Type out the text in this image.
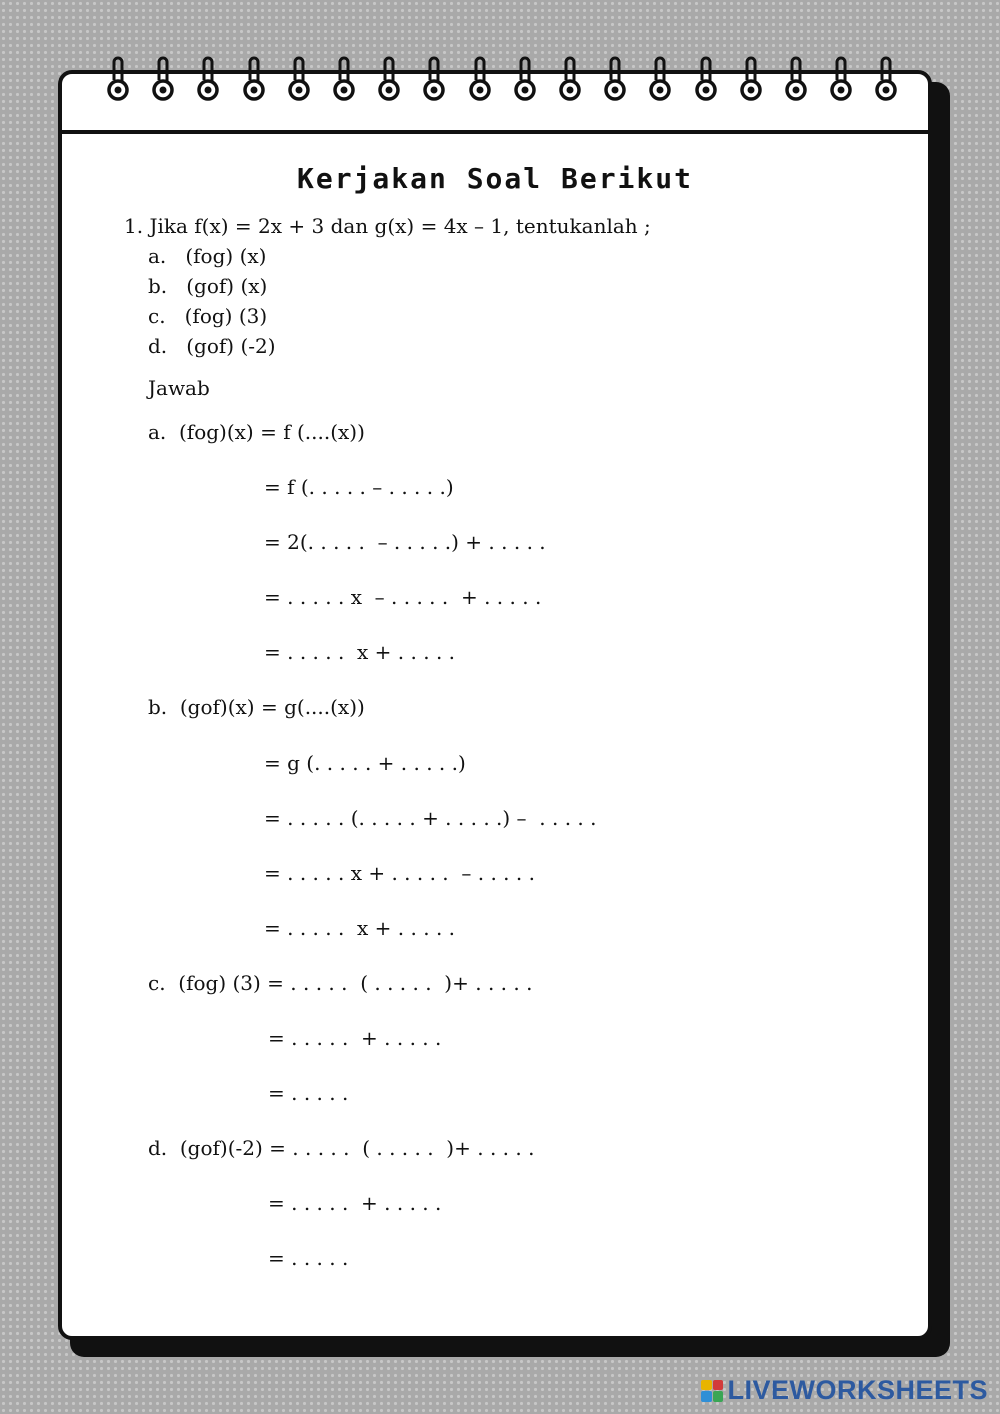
Kerjakan Soal Berikut
1. Jika f(x) = 2x + 3 dan g(x) = 4x – 1, tentukanlah ;
a.   (fog) (x)
b.   (gof) (x)
c.   (fog) (3)
d.   (gof) (-2)
Jawab
a.  (fog)(x) = f (....(x))
= f (. . . . . – . . . . .)
= 2(. . . . .  – . . . . .) + . . . . .
= . . . . . x  – . . . . .  + . . . . .
= . . . . .  x + . . . . .
b.  (gof)(x) = g(....(x))
= g (. . . . . + . . . . .)
= . . . . . (. . . . . + . . . . .) –  . . . . .
= . . . . . x + . . . . .  – . . . . .
= . . . . .  x + . . . . .
c.  (fog) (3) = . . . . .  ( . . . . .  )+ . . . . .
= . . . . .  + . . . . .
= . . . . .
d.  (gof)(-2) = . . . . .  ( . . . . .  )+ . . . . .
= . . . . .  + . . . . .
= . . . . .
LIVEWORKSHEETS
